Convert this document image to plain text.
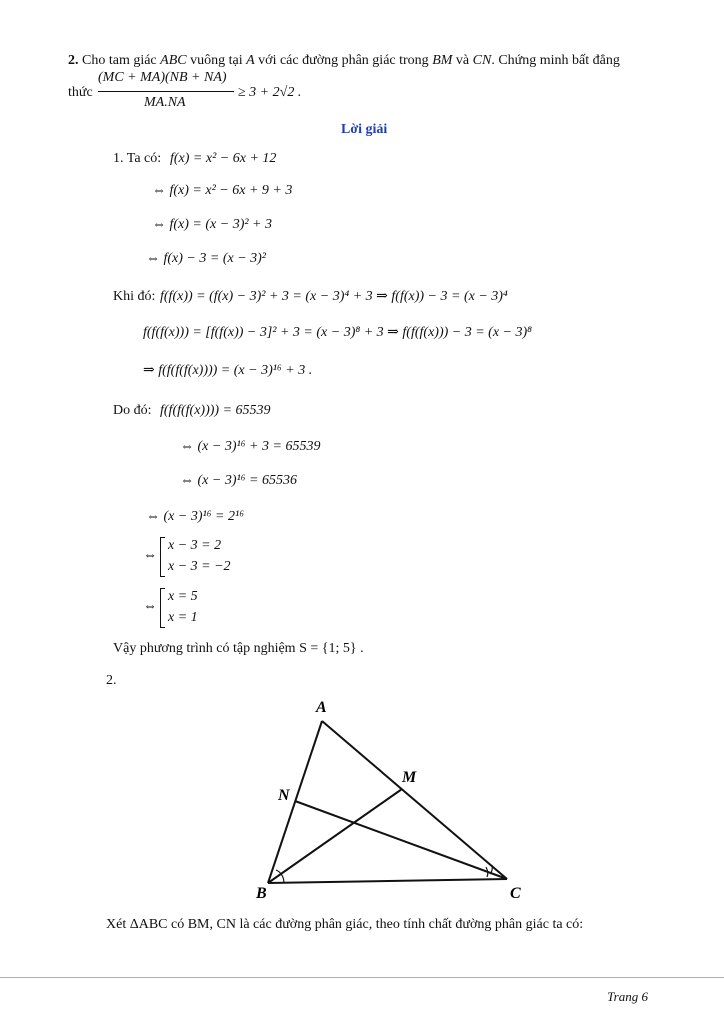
2. Cho tam giác ABC vuông tại A với các đường phân giác trong BM và CN. Chứng minh bất đẳng
thức
(MC + MA)(NB + NA)
MA.NA
≥ 3 + 2√2 .
Lời giải
1. Ta có: f(x) = x² − 6x + 12
⇔ f(x) = x² − 6x + 9 + 3
⇔ f(x) = (x − 3)² + 3
⇔ f(x) − 3 = (x − 3)²
Khi đó: f(f(x)) = (f(x) − 3)² + 3 = (x − 3)⁴ + 3 ⇒ f(f(x)) − 3 = (x − 3)⁴
f(f(f(x))) = [f(f(x)) − 3]² + 3 = (x − 3)⁸ + 3 ⇒ f(f(f(x))) − 3 = (x − 3)⁸
⇒ f(f(f(f(x)))) = (x − 3)¹⁶ + 3 .
Do đó: f(f(f(f(x)))) = 65539
⇔ (x − 3)¹⁶ + 3 = 65539
⇔ (x − 3)¹⁶ = 65536
⇔ (x − 3)¹⁶ = 2¹⁶
⇔
x − 3 = 2
x − 3 = −2
⇔
x = 5
x = 1
Vậy phương trình có tập nghiệm S = {1; 5} .
2.
A
N
M
B	C
Xét ΔABC có BM, CN là các đường phân giác, theo tính chất đường phân giác ta có:
Trang 6
